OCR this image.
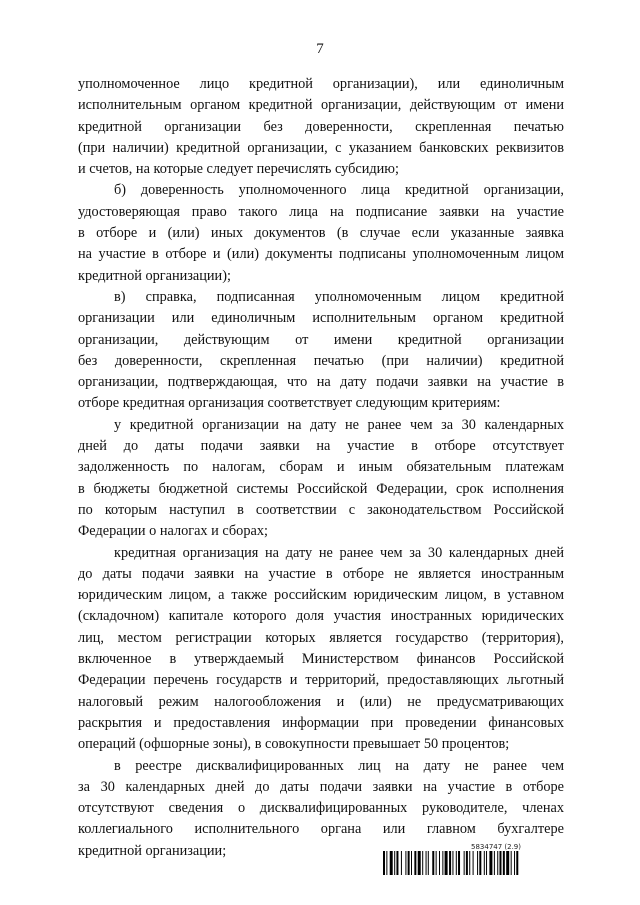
7
уполномоченное лицо кредитной организации), или единоличным
исполнительным органом кредитной организации, действующим от имени
кредитной организации без доверенности, скрепленная печатью
(при наличии) кредитной организации, с указанием банковских реквизитов
и счетов, на которые следует перечислять субсидию;
б) доверенность уполномоченного лица кредитной организации,
удостоверяющая право такого лица на подписание заявки на участие
в отборе и (или) иных документов (в случае если указанные заявка
на участие в отборе и (или) документы подписаны уполномоченным лицом
кредитной организации);
в) справка, подписанная уполномоченным лицом кредитной
организации или единоличным исполнительным органом кредитной
организации, действующим от имени кредитной организации
без доверенности, скрепленная печатью (при наличии) кредитной
организации, подтверждающая, что на дату подачи заявки на участие в
отборе кредитная организация соответствует следующим критериям:
у кредитной организации на дату не ранее чем за 30 календарных
дней до даты подачи заявки на участие в отборе отсутствует
задолженность по налогам, сборам и иным обязательным платежам
в бюджеты бюджетной системы Российской Федерации, срок исполнения
по которым наступил в соответствии с законодательством Российской
Федерации о налогах и сборах;
кредитная организация на дату не ранее чем за 30 календарных дней
до даты подачи заявки на участие в отборе не является иностранным
юридическим лицом, а также российским юридическим лицом, в уставном
(складочном) капитале которого доля участия иностранных юридических
лиц, местом регистрации которых является государство (территория),
включенное в утверждаемый Министерством финансов Российской
Федерации перечень государств и территорий, предоставляющих льготный
налоговый режим налогообложения и (или) не предусматривающих
раскрытия и предоставления информации при проведении финансовых
операций (офшорные зоны), в совокупности превышает 50 процентов;
в реестре дисквалифицированных лиц на дату не ранее чем
за 30 календарных дней до даты подачи заявки на участие в отборе
отсутствуют сведения о дисквалифицированных руководителе, членах
коллегиального исполнительного органа или главном бухгалтере
кредитной организации;	5834747 (2.9)
